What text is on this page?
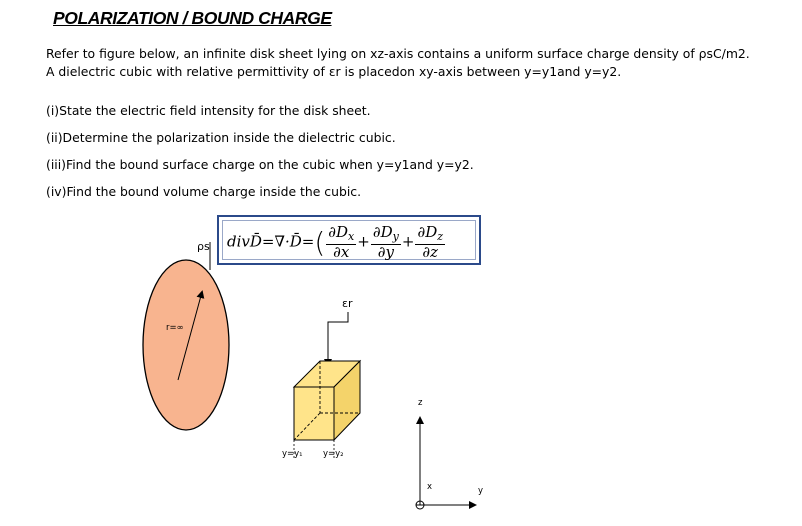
POLARIZATION / BOUND CHARGE
Refer to figure below, an infinite disk sheet lying on xz-axis contains a uniform surface charge density of ρsC/m2.
A dielectric cubic with relative permittivity of εr is placedon xy-axis between y=y1and y=y2.
(i)State the electric field intensity for the disk sheet.
(ii)Determine the polarization inside the dielectric cubic.
(iii)Find the bound surface charge on the cubic when y=y1and y=y2.
(iv)Find the bound volume charge inside the cubic.
divD̄=∇·D̄=( $\frac{\partial D_x}{\partial x} + \frac{\partial D_y}{\partial y} + \frac{\partial D_z}{\partial z}$
ρs
r=∞
εr
y=y₁ y=y₂
z
x	y
